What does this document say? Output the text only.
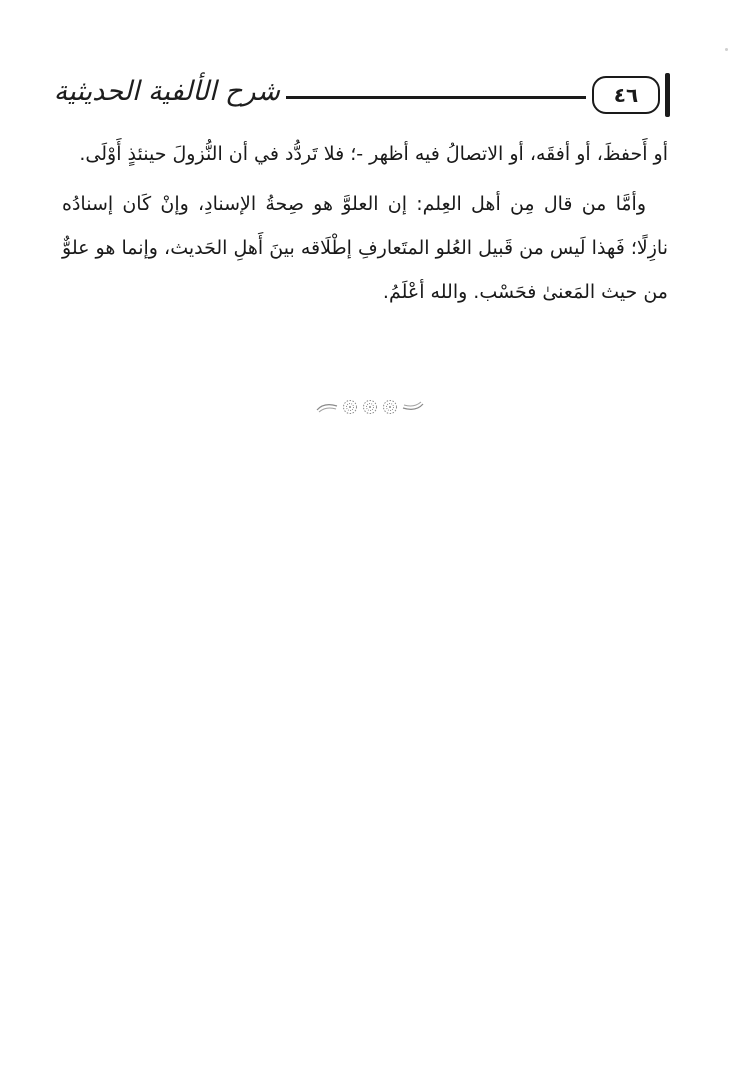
شرح الألفية الحديثية	٤٦

أو أَحفظَ، أو أفقَه، أو الاتصالُ فيه أظهر -؛ فلا تَردُّد في أن النُّزولَ حينئذٍ أَوْلَى.

وأمَّا من قال مِن أهل العِلم: إن العلوَّ هو صِحةُ الإسنادِ، وإنْ كَان إسنادُه نازِلًا؛ فَهذا لَيس من قَبيل العُلو المتَعارفِ إطْلَاقه بينَ أَهلِ الحَديث، وإنما هو علوٌّ من حيث المَعنىٰ فحَسْب. والله أعْلَمُ.
